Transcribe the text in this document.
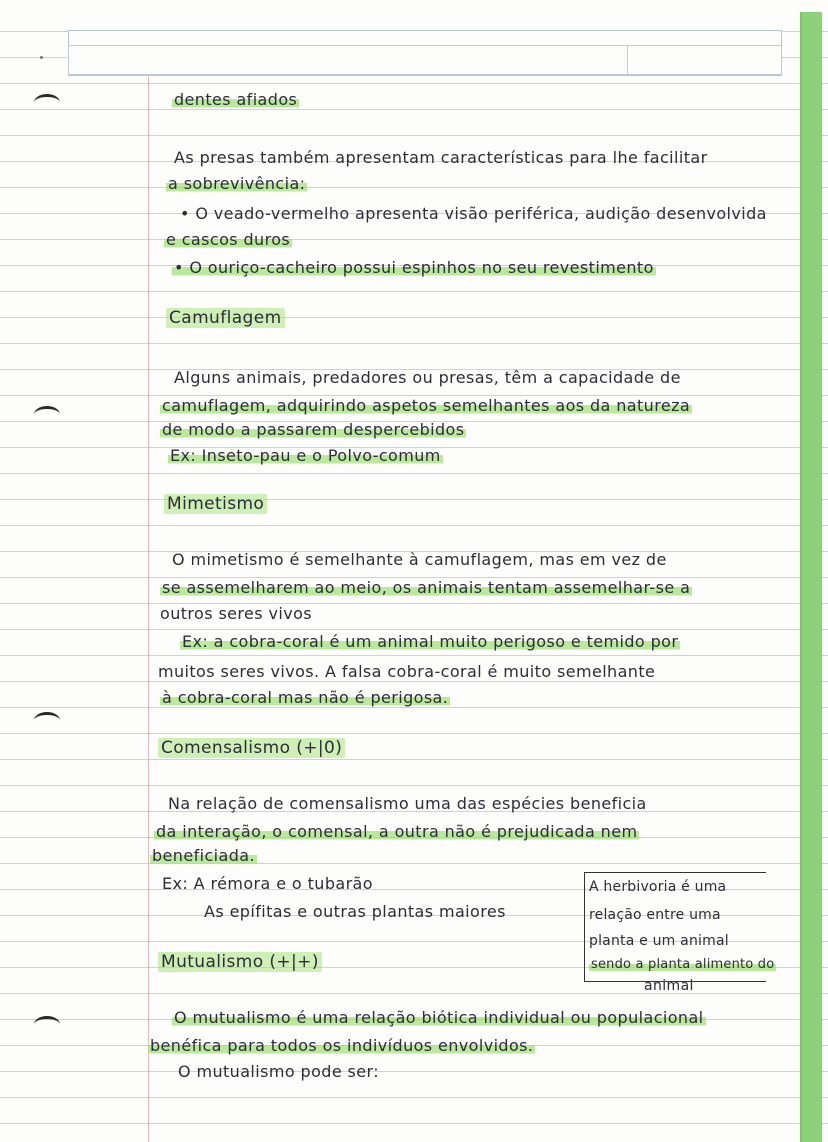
dentes afiados
As presas também apresentam características para lhe facilitar
a sobrevivência:
• O veado-vermelho apresenta visão periférica, audição desenvolvida
e cascos duros
• O ouriço-cacheiro possui espinhos no seu revestimento
Camuflagem
Alguns animais, predadores ou presas, têm a capacidade de
camuflagem, adquirindo aspetos semelhantes aos da natureza
de modo a passarem despercebidos
Ex: Inseto-pau e o Polvo-comum
Mimetismo
O mimetismo é semelhante à camuflagem, mas em vez de
se assemelharem ao meio, os animais tentam assemelhar-se a
outros seres vivos
Ex: a cobra-coral é um animal muito perigoso e temido por
muitos seres vivos. A falsa cobra-coral é muito semelhante
à cobra-coral mas não é perigosa.
Comensalismo (+|0)
Na relação de comensalismo uma das espécies beneficia
da interação, o comensal, a outra não é prejudicada nem
beneficiada.
Ex: A rémora e o tubarão
As epífitas e outras plantas maiores
Mutualismo (+|+)
O mutualismo é uma relação biótica individual ou populacional
benéfica para todos os indivíduos envolvidos.
O mutualismo pode ser:
A herbivoria é uma
relação entre uma
planta e um animal
sendo a planta alimento do
animal
